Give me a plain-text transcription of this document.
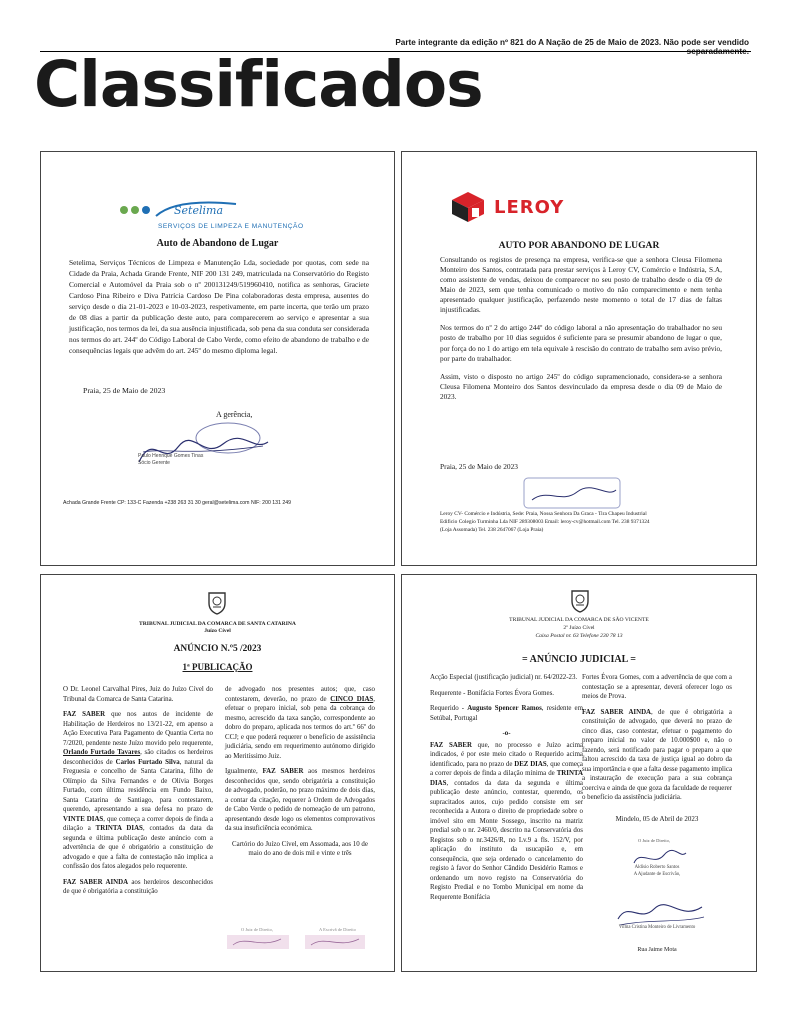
Parte integrante da edição nº 821 do A Nação de 25 de Maio de 2023. Não pode ser vendido separadamente.
Classificados
Setelima
SERVIÇOS DE LIMPEZA E MANUTENÇÃO
Auto de Abandono de Lugar
Setelima, Serviços Técnicos de Limpeza e Manutenção Lda, sociedade por quotas, com sede na Cidade da Praia, Achada Grande Frente, NIF 200 131 249, matriculada na Conservatório do Registo Comercial e Automóvel da Praia sob o nº 200131249/519960410, notifica as senhoras, Graciete Cardoso Pina Ribeiro e Diva Patrícia Cardoso De Pina colaboradoras desta empresa, ausentes do serviço desde o dia 21-01-2023 e 10-03-2023, respetivamente, em parte incerta, que terão um prazo de 08 dias a partir da publicação deste auto, para comparecerem ao serviço e apresentar a sua justificação, nos termos da lei, da sua ausência injustificada, sob pena da sua conduta ser considerada nos termos do art. 244º do Código Laboral de Cabo Verde, como efeito de abandono de trabalho e de consequências legais que advêm do art. 245º do mesmo diploma legal.
Praia, 25 de Maio de 2023
A gerência,
Paulo Henrique Gomes Tinas
Sócio Gerente
Achada Grande Frente CP: 133-C Fazenda +238 263 31 30 geral@setelima.com NIF: 200 131 249
LEROY
AUTO POR ABANDONO DE LUGAR

Consultando os registos de presença na empresa, verifica-se que a senhora Cleusa Filomena Monteiro dos Santos, contratada para prestar serviços à Leroy CV, Comércio e Indústria, S.A, como assistente de vendas, deixou de comparecer no seu posto de trabalho desde o dia 09 de Maio de 2023, sem que tenha comunicado o motivo do não comparecimento e nem tenha apresentado qualquer justificação, perfazendo neste momento o total de 17 dias de faltas injustificadas.

Nos termos do nº 2 do artigo 244º do código laboral a não apresentação do trabalhador no seu posto de trabalho por 10 dias seguidos é suficiente para se presumir abandono de lugar o que, por força do no 1 do artigo em tela equivale à rescisão do contrato de trabalho sem aviso prévio, por parte do trabalhador.

Assim, visto o disposto no artigo 245º do código supramencionado, considera-se a senhora Cleusa Filomena Monteiro dos Santos desvinculado da empresa desde o dia 09 de Maio de 2023.

Praia, 25 de Maio de 2023
Leroy CV- Comércio e Indústria, Sede: Praia, Nossa Senhora Da Graca - Tira Chapeu Industrial
Edificio Colegio Turminha Lda NIF 289308003 Email: leroy-cv@hotmail.com Tel. 238 9371324
(Loja Assomada) Tel. 238 2647067 (Loja Praia)
TRIBUNAL JUDICIAL DA COMARCA DE SANTA CATARINA
Juízo Cível
ANÚNCIO N.º5 /2023
1ª PUBLICAÇÃO

O Dr. Leonel Carvalhal Pires, Juiz do Juízo Cível do Tribunal da Comarca de Santa Catarina.

FAZ SABER que nos autos de incidente de Habilitação de Herdeiros no 13/21-22, em apenso a Ação Executiva Para Pagamento de Quantia Certa no 7/2020, pendente neste Juízo movido pelo requerente, Orlando Furtado Tavares, são citados os herdeiros desconhecidos de Carlos Furtado Silva, natural da Freguesia e concelho de Santa Catarina, filho de Olímpio da Silva Fernandes e de Olívia Borges Furtado, com última residência em Fundo Baixo, Santa Catarina de Santiago, para contestarem, querendo, apresentando a sua defesa no prazo de VINTE DIAS, que começa a correr depois de finda a dilação a TRINTA DIAS, contados da data da segunda e última publicação deste anúncio com a advertência de que é obrigatório a constituição de advogado e que a falta de contestação não implica a confissão dos fatos alegados pelo requerente.

FAZ SABER AINDA aos herdeiros desconhecidos de que é obrigatória a constituição

de advogado nos presentes autos; que, caso contestarem, deverão, no prazo de CINCO DIAS, efetuar o preparo inicial, sob pena da cobrança do mesmo, acrescido da taxa sanção, correspondente ao dobro do preparo, aplicada nos termos do art.º 66º do CCJ; e que poderá requerer o benefício de assistência judiciária, sendo em requerimento autónomo dirigido ao Meritíssimo Juiz.

Igualmente, FAZ SABER aos mesmos herdeiros desconhecidos que, sendo obrigatória a constituição de advogado, poderão, no prazo máximo de dois dias, a contar da citação, requerer à Ordem de Advogados de Cabo Verde o pedido de nomeação de um patrono, apresentando desde logo os elementos comprovativos da sua insuficiência económica.

Cartório do Juízo Cível, em Assomada, aos 10 de maio do ano de dois mil e vinte e três

O Juiz de Direito,	A Escrivã de Direito
TRIBUNAL JUDICIAL DA COMARCA DE SÃO VICENTE
2º Juízo Cível
Caixa Postal nr. 63 Telefone 230 78 13
= ANÚNCIO JUDICIAL =

Acção Especial (justificação judicial) nr. 64/2022-23.

Requerente - Bonifácia Fortes Évora Gomes.

Requerido - Augusto Spencer Ramos, residente em Setúbal, Portugal

-o-

FAZ SABER que, no processo e Juízo acima indicados, é por este meio citado o Requerido acima identificado, para no prazo de DEZ DIAS, que começa a correr depois de finda a dilação mínima de TRINTA DIAS, contados da data da segunda e última publicação deste anúncio, contestar, querendo, os supracitados autos, cujo pedido consiste em ser reconhecida a Autora o direito de propriedade sobre o imóvel sito em Monte Sossego, inscrito na matriz predial sob o nr. 2460/0, descrito na Conservatória dos Registos sob o nr.3426/R, no Lv.9 a fls. 152/V, por aplicação do instituto da usucapião e, em consequência, que seja ordenado o cancelamento do registo à favor do Senhor Cândido Desidério Ramos e ordenando um novo registo na Conservatória do Registo Predial e no Tombo Municipal em nome da Requerente Bonifácia

Fortes Évora Gomes, com a advertência de que com a contestação se a apresentar, deverá oferecer logo os meios de Prova.

FAZ SABER AINDA, de que é obrigatória a constituição de advogado, que deverá no prazo de cinco dias, caso contestar, efetuar o pagamento do preparo inicial no valor de 10.000$00 e, não o fazendo, será notificado para pagar o preparo a que faltou acrescido da taxa de justiça igual ao dobro da sua importância e que a falta desse pagamento implica a instauração de execução para a sua cobrança coerciva e ainda de que goza da faculdade de requerer o benefício da assistência judiciária.

Mindelo, 05 de Abril de 2023
O Juiz de Direito,
Aldísio Roberto Santos
A Ajudante de Escrivão,
Vilma Cristina Monteiro de Livramento
Rua Jaime Mota
